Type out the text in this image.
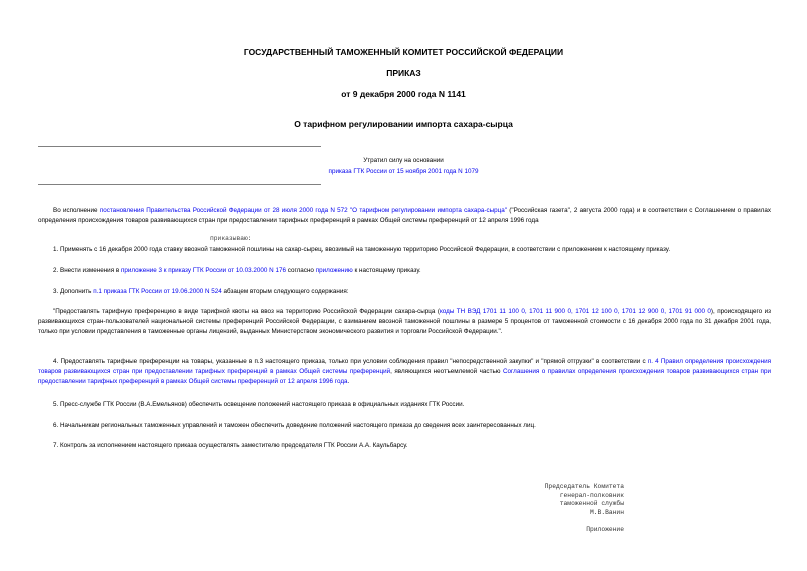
ГОСУДАРСТВЕННЫЙ ТАМОЖЕННЫЙ КОМИТЕТ РОССИЙСКОЙ ФЕДЕРАЦИИ
ПРИКАЗ
от 9 декабря 2000 года N 1141
О тарифном регулировании импорта сахара-сырца
Утратил силу на основании
приказа ГТК России от 15 ноября 2001 года N 1079
Во исполнение постановления Правительства Российской Федерации от 28 июля 2000 года N 572 "О тарифном регулировании импорта сахара-сырца" ("Российская газета", 2 августа 2000 года) и в соответствии с Соглашением о правилах определения происхождения товаров развивающихся стран при предоставлении тарифных преференций в рамках Общей системы преференций от 12 апреля 1996 года
приказываю:
1. Применять с 16 декабря 2000 года ставку ввозной таможенной пошлины на сахар-сырец, ввозимый на таможенную территорию Российской Федерации, в соответствии с приложением к настоящему приказу.
2. Внести изменения в приложение 3 к приказу ГТК России от 10.03.2000 N 176 согласно приложению к настоящему приказу.
3. Дополнить п.1 приказа ГТК России от 19.06.2000 N 524 абзацем вторым следующего содержания:
"Предоставлять тарифную преференцию в виде тарифной квоты на ввоз на территорию Российской Федерации сахара-сырца (коды ТН ВЭД 1701 11 100 0, 1701 11 900 0, 1701 12 100 0, 1701 12 900 0, 1701 91 000 0), происходящего из развивающихся стран-пользователей национальной системы преференций Российской Федерации, с взиманием ввозной таможенной пошлины в размере 5 процентов от таможенной стоимости с 16 декабря 2000 года по 31 декабря 2001 года, только при условии представления в таможенные органы лицензий, выданных Министерством экономического развития и торговли Российской Федерации.".
4. Предоставлять тарифные преференции на товары, указанные в п.3 настоящего приказа, только при условии соблюдения правил "непосредственной закупки" и "прямой отгрузки" в соответствии с п. 4 Правил определения происхождения товаров развивающихся стран при предоставлении тарифных преференций в рамках Общей системы преференций, являющихся неотъемлемой частью Соглашения о правилах определения происхождения товаров развивающихся стран при предоставлении тарифных преференций в рамках Общей системы преференций от 12 апреля 1996 года.
5. Пресс-службе ГТК России (В.А.Емельянов) обеспечить освещение положений настоящего приказа в официальных изданиях ГТК России.
6. Начальникам региональных таможенных управлений и таможен обеспечить доведение положений настоящего приказа до сведения всех заинтересованных лиц.
7. Контроль за исполнением настоящего приказа осуществлять заместителю председателя ГТК России А.А. Каульбарсу.
Председатель Комитета
генерал-полковник
таможенной службы
М.В.Ванин
Приложение
